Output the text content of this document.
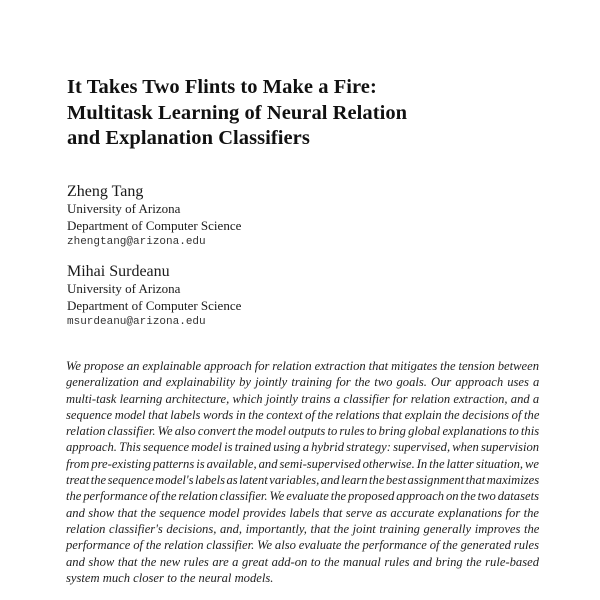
It Takes Two Flints to Make a Fire:
Multitask Learning of Neural Relation
and Explanation Classifiers
Zheng Tang
University of Arizona
Department of Computer Science
zhengtang@arizona.edu
Mihai Surdeanu
University of Arizona
Department of Computer Science
msurdeanu@arizona.edu
We propose an explainable approach for relation extraction that mitigates the tension between
generalization and explainability by jointly training for the two goals. Our approach uses a
multi-task learning architecture, which jointly trains a classifier for relation extraction, and a
sequence model that labels words in the context of the relations that explain the decisions of the
relation classifier. We also convert the model outputs to rules to bring global explanations to this
approach. This sequence model is trained using a hybrid strategy: supervised, when supervision
from pre-existing patterns is available, and semi-supervised otherwise. In the latter situation, we
treat the sequence model's labels as latent variables, and learn the best assignment that maximizes
the performance of the relation classifier. We evaluate the proposed approach on the two datasets
and show that the sequence model provides labels that serve as accurate explanations for the
relation classifier's decisions, and, importantly, that the joint training generally improves the
performance of the relation classifier. We also evaluate the performance of the generated rules
and show that the new rules are a great add-on to the manual rules and bring the rule-based
system much closer to the neural models.
